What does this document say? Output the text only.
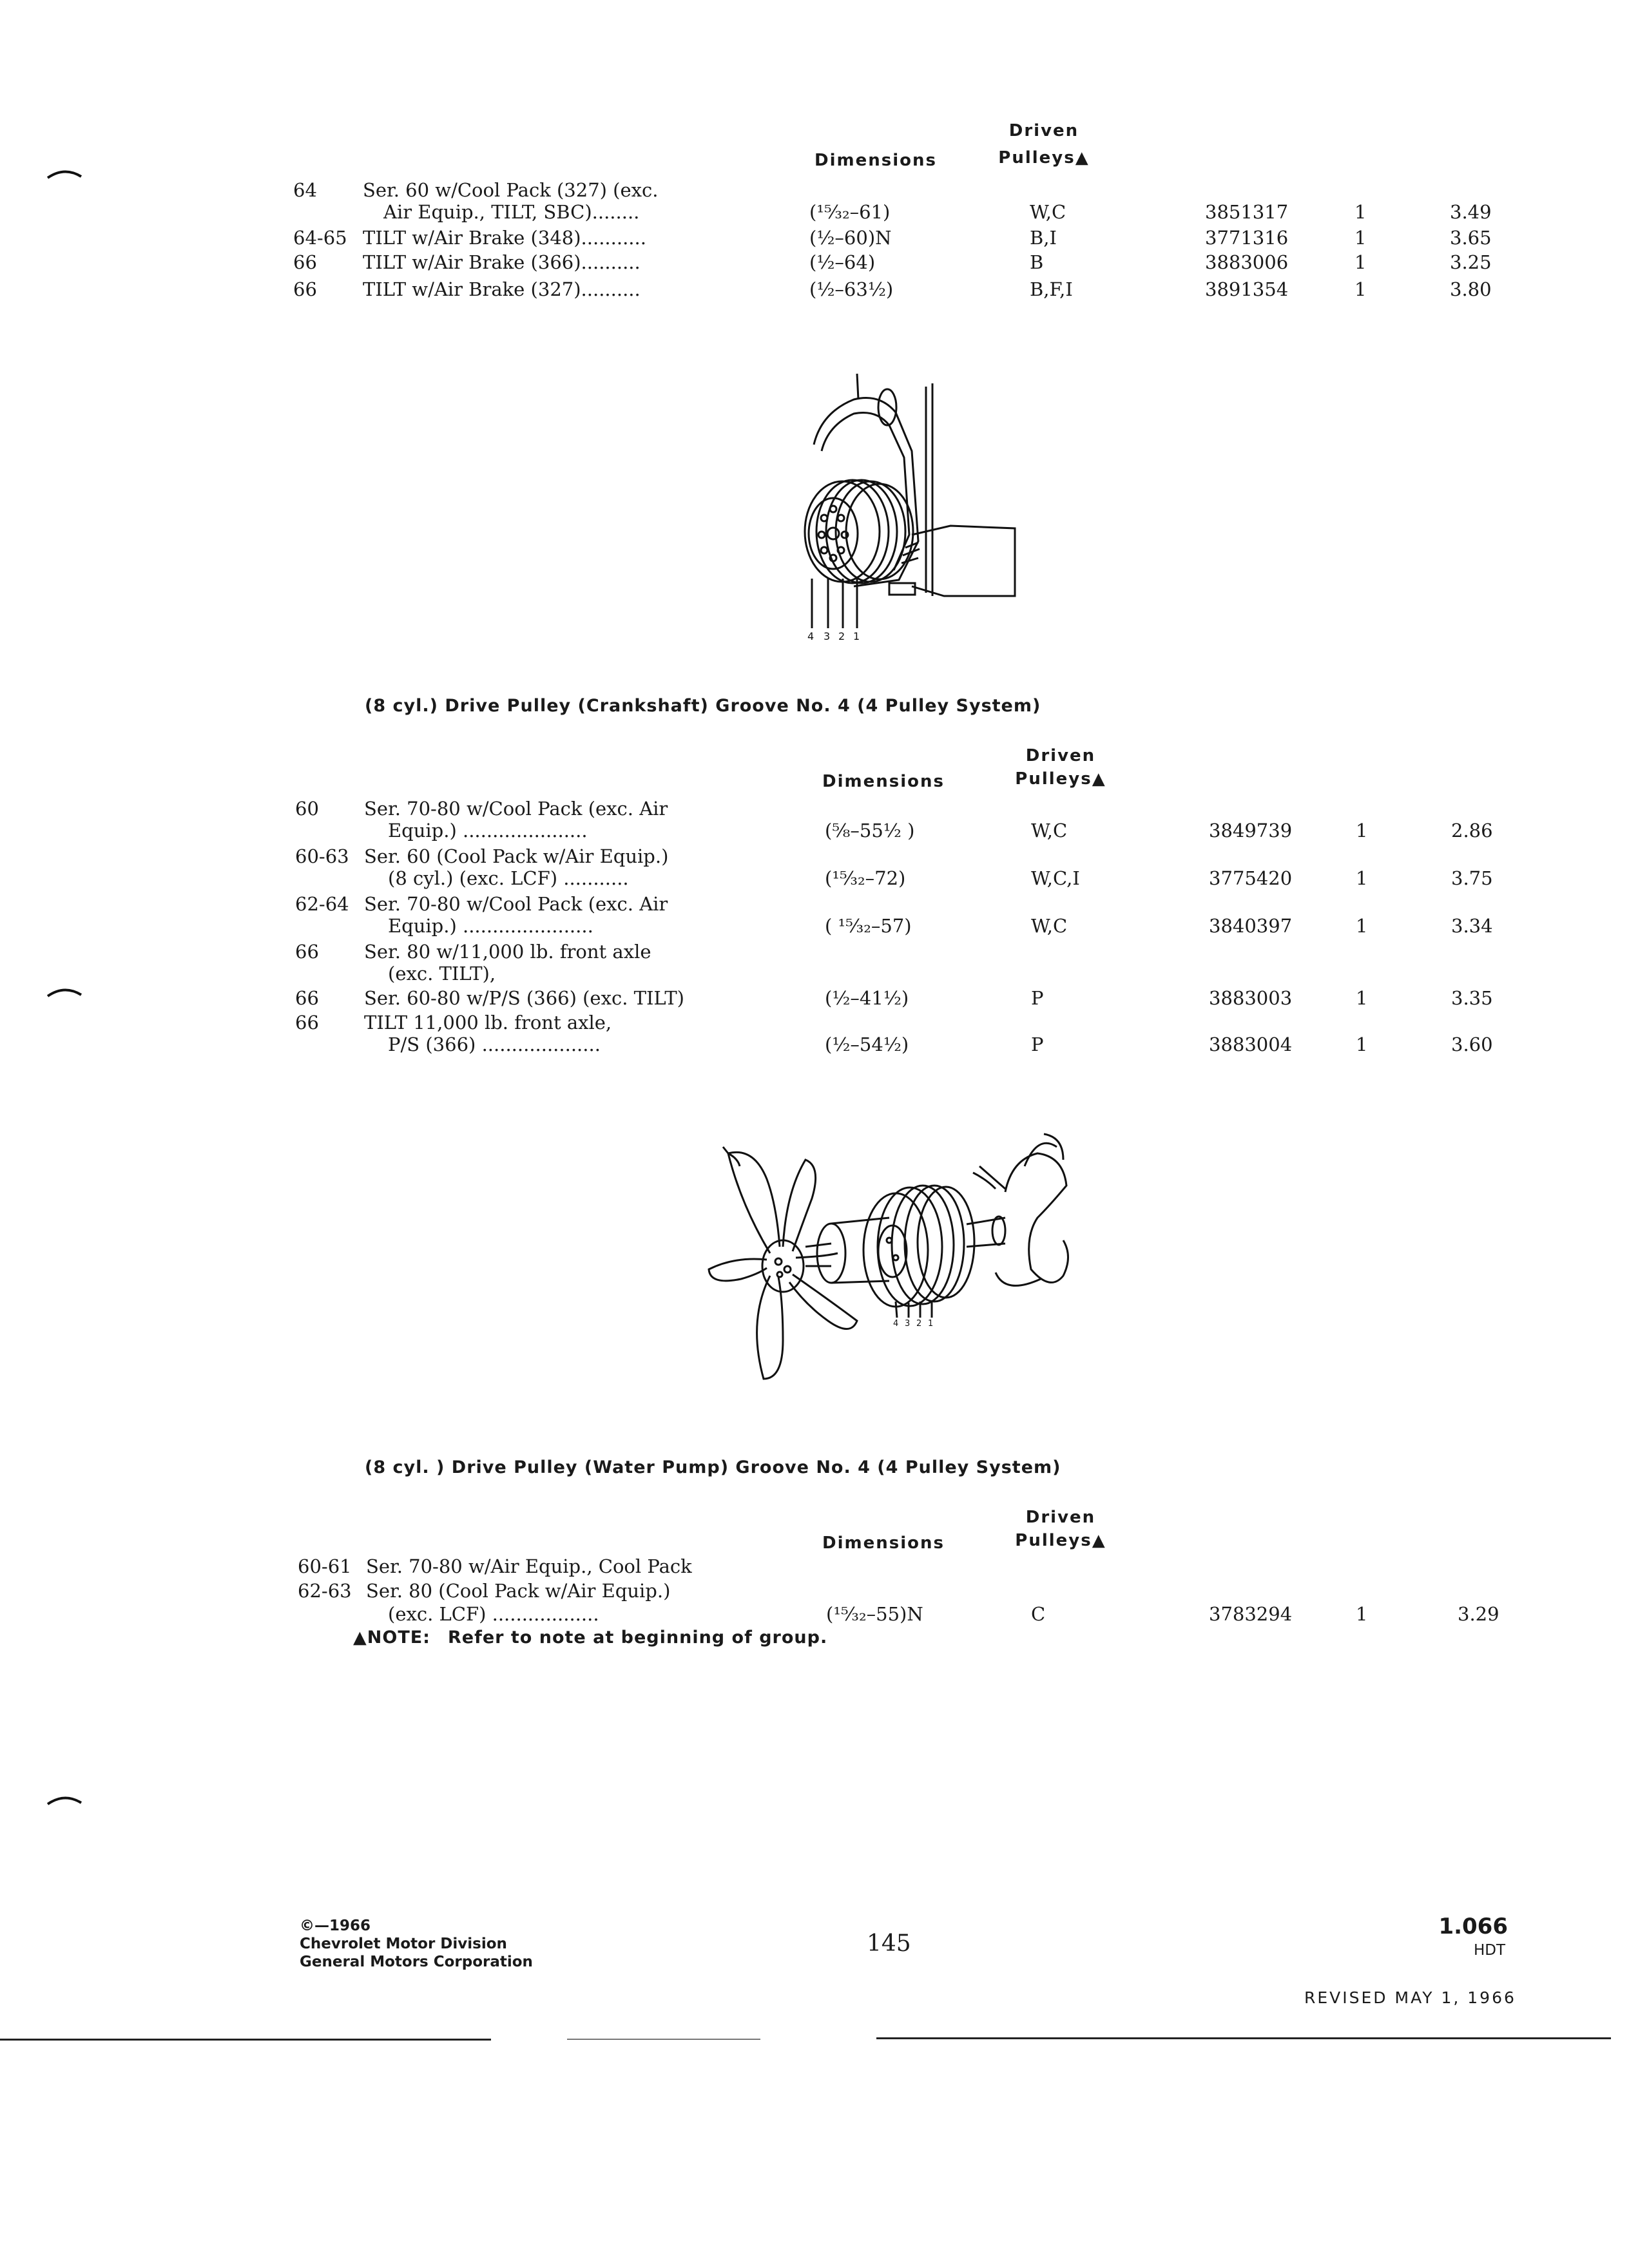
Driven
Dimensions	Pulleys▲
64 Ser. 60 w/Cool Pack (327) (exc.
Air Equip., TILT, SBC)........	(¹⁵⁄₃₂–61)	W,C	3851317	1	3.49
64-65 TILT w/Air Brake (348)...........	(½–60)N	B,I	3771316	1	3.65
66 TILT w/Air Brake (366)..........	(½–64)	B	3883006	1	3.25
66 TILT w/Air Brake (327)..........	(½–63½)	B,F,I	3891354	1	3.80
4 3 2 1
(8 cyl.) Drive Pulley (Crankshaft) Groove No. 4 (4 Pulley System)
Driven
Dimensions	Pulleys▲
60 Ser. 70-80 w/Cool Pack (exc. Air
Equip.) .....................	(⁵⁄₈–55½ )	W,C	3849739	1	2.86
60-63 Ser. 60 (Cool Pack w/Air Equip.)
(8 cyl.) (exc. LCF) ...........	(¹⁵⁄₃₂–72)	W,C,I	3775420	1	3.75
62-64 Ser. 70-80 w/Cool Pack (exc. Air
Equip.) ......................	( ¹⁵⁄₃₂–57)	W,C	3840397	1	3.34
66 Ser. 80 w/11,000 lb. front axle
(exc. TILT),
66 Ser. 60-80 w/P/S (366) (exc. TILT)	(½–41½)	P	3883003	1	3.35
66 TILT 11,000 lb. front axle,
P/S (366) ....................	(½–54½)	P	3883004	1	3.60
4 3 2 1
(8 cyl. ) Drive Pulley (Water Pump) Groove No. 4 (4 Pulley System)
Driven
Dimensions	Pulleys▲
60-61 Ser. 70-80 w/Air Equip., Cool Pack
62-63 Ser. 80 (Cool Pack w/Air Equip.)
(exc. LCF) ..................	(¹⁵⁄₃₂–55)N	C	3783294	1	3.29
▲NOTE: Refer to note at beginning of group.
©—1966
Chevrolet Motor Division
General Motors Corporation
145
1.066
HDT
REVISED MAY 1, 1966
